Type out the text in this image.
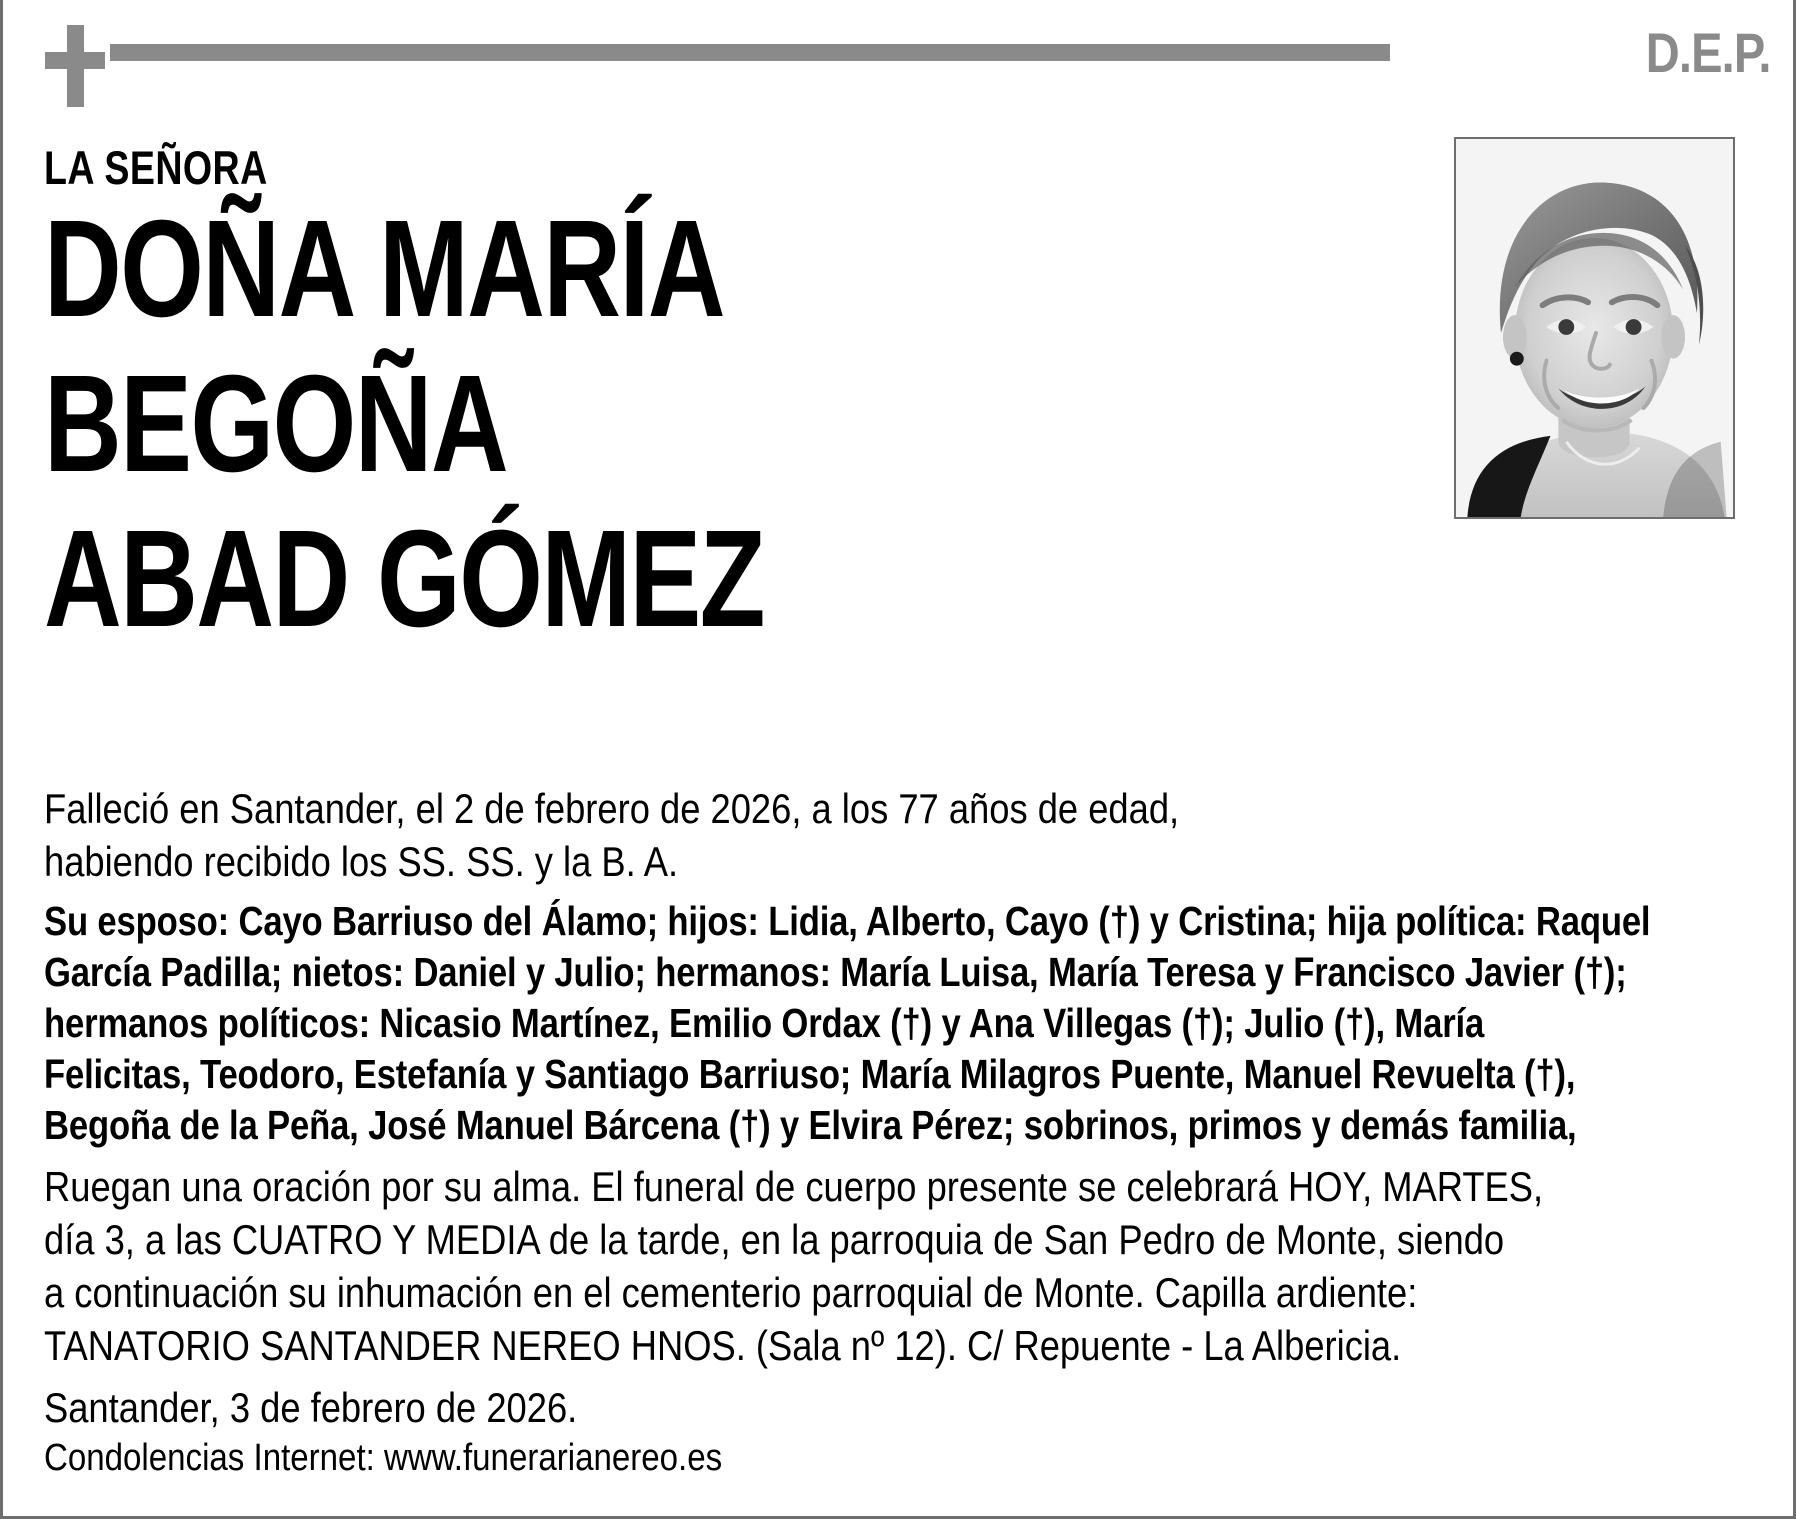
D.E.P.
LA SEÑORA
DOÑA MARÍA
BEGOÑA
ABAD GÓMEZ

Falleció en Santander, el 2 de febrero de 2026, a los 77 años de edad,
habiendo recibido los SS. SS. y la B. A.

Su esposo: Cayo Barriuso del Álamo; hijos: Lidia, Alberto, Cayo (†) y Cristina; hija política: Raquel
García Padilla; nietos: Daniel y Julio; hermanos: María Luisa, María Teresa y Francisco Javier (†);
hermanos políticos: Nicasio Martínez, Emilio Ordax (†) y Ana Villegas (†); Julio (†), María
Felicitas, Teodoro, Estefanía y Santiago Barriuso; María Milagros Puente, Manuel Revuelta (†),
Begoña de la Peña, José Manuel Bárcena (†) y Elvira Pérez; sobrinos, primos y demás familia,

Ruegan una oración por su alma. El funeral de cuerpo presente se celebrará HOY, MARTES,
día 3, a las CUATRO Y MEDIA de la tarde, en la parroquia de San Pedro de Monte, siendo
a continuación su inhumación en el cementerio parroquial de Monte. Capilla ardiente:
TANATORIO SANTANDER NEREO HNOS. (Sala nº 12). C/ Repuente - La Albericia.

Santander, 3 de febrero de 2026.
Condolencias Internet: www.funerarianereo.es
